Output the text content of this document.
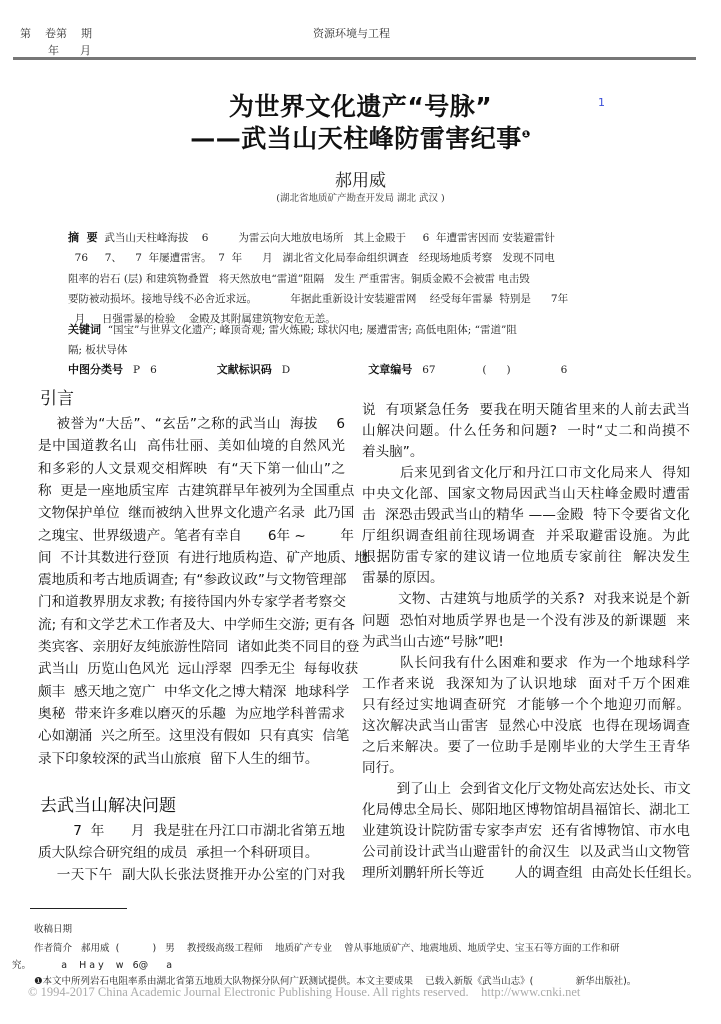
第    卷第    期
年      月
资源环境与工程
为世界文化遗产“号脉”	1
——武当山天柱峰防雷害纪事$^❶$
郝用威
(湖北省地质矿产勘查开发局 湖北 武汉 )
摘  要 武当山天柱峰海拔    6         为雷云向大地放电场所   其上金殿于     6  年遭雷害因而 安装避雷针
76     7、    7  年屡遭雷害。  7  年      月   湖北省文化局奉命组织调查   经现场地质考察   发现不同电
阻率的岩石 (层) 和建筑物叠置   将天然放电“雷道”阻隔   发生 严重雷害。铜质金殿不会被雷 电击毁
要防被动损坏。接地导线不必舍近求远。          年据此重新设计安装避雷网    经受每年雷暴  特别是      7年
月     日强雷暴的检验    金殿及其附属建筑物安危无恙。
关键词 “国宝”与世界文化遗产; 峰顶奇观; 雷火炼殿; 球状闪电; 屡遭雷害; 高低电阻体; “雷道”阻
隔; 板状导体
中图分类号 P   6	文献标识码 D	文章编号 67              (      )               6
引言
去武当山解决问题
被誉为“大岳”、“玄岳”之称的武当山  海拔    6
是中国道教名山  高伟壮丽、美如仙境的自然风光
和多彩的人文景观交相辉映  有“天下第一仙山”之
称  更是一座地质宝库  古建筑群早年被列为全国重点
文物保护单位  继而被纳入世界文化遗产名录  此乃国
之瑰宝、世界级遗产。笔者有幸自      6年 ~        年
间  不计其数进行登顶  有进行地质构造、矿产地质、地
震地质和考古地质调查; 有“参政议政”与文物管理部
门和道教界朋友求教; 有接待国内外专家学者考察交
流; 有和文学艺术工作者及大、中学师生交游; 更有各
类宾客、亲朋好友纯旅游性陪同  诸如此类不同目的登
武当山  历览山色风光  远山浮翠  四季无尘  每每收获
颇丰  感天地之宽广  中华文化之博大精深  地球科学
奥秘  带来许多难以磨灭的乐趣  为应地学科普需求
心如潮涌  兴之所至。这里没有假如  只有真实  信笔
录下印象较深的武当山旅痕  留下人生的细节。
7  年      月  我是驻在丹江口市湖北省第五地
质大队综合研究组的成员  承担一个科研项目。
一天下午  副大队长张法贤推开办公室的门对我
说  有项紧急任务  要我在明天随省里来的人前去武当
山解决问题。什么任务和问题?  一时“丈二和尚摸不
着头脑”。
后来见到省文化厅和丹江口市文化局来人  得知
中央文化部、国家文物局因武当山天柱峰金殿时遭雷
击  深恐击毁武当山的精华 ——金殿  特下令要省文化
厅组织调查组前往现场调查  并采取避雷设施。为此
根据防雷专家的建议请一位地质专家前往  解决发生
雷暴的原因。
文物、古建筑与地质学的关系?  对我来说是个新
问题  恐怕对地质学界也是一个没有涉及的新课题  来
为武当山古迹“号脉”吧!
队长问我有什么困难和要求  作为一个地球科学
工作者来说  我深知为了认识地球  面对千万个困难
只有经过实地调查研究  才能够一个个地迎刃而解。
这次解决武当山雷害  显然心中没底  也得在现场调查
之后来解决。要了一位助手是刚毕业的大学生王青华
同行。
到了山上  会到省文化厅文物处高宏达处长、市文
化局傅忠全局长、郧阳地区博物馆胡昌福馆长、湖北工
业建筑设计院防雷专家李声宏  还有省博物馆、市水电
公司前设计武当山避雷针的俞汉生  以及武当山文物管
理所刘鹏轩所长等近       人的调查组  由高处长任组长。
收稿日期
作者简介   郝用威  (           )   男    教授级高级工程师    地质矿产专业    曾从事地质矿产、地震地质、地质学史、宝玉石等方面的工作和研
究。          a    H a y    w   6@      a
❶本文中所列岩石电阻率系由湖北省第五地质大队物探分队何广跃测试提供。本文主要成果    已载入新版《武当山志》(              新华出版社)。
© 1994-2017 China Academic Journal Electronic Publishing House. All rights reserved.    http://www.cnki.net
